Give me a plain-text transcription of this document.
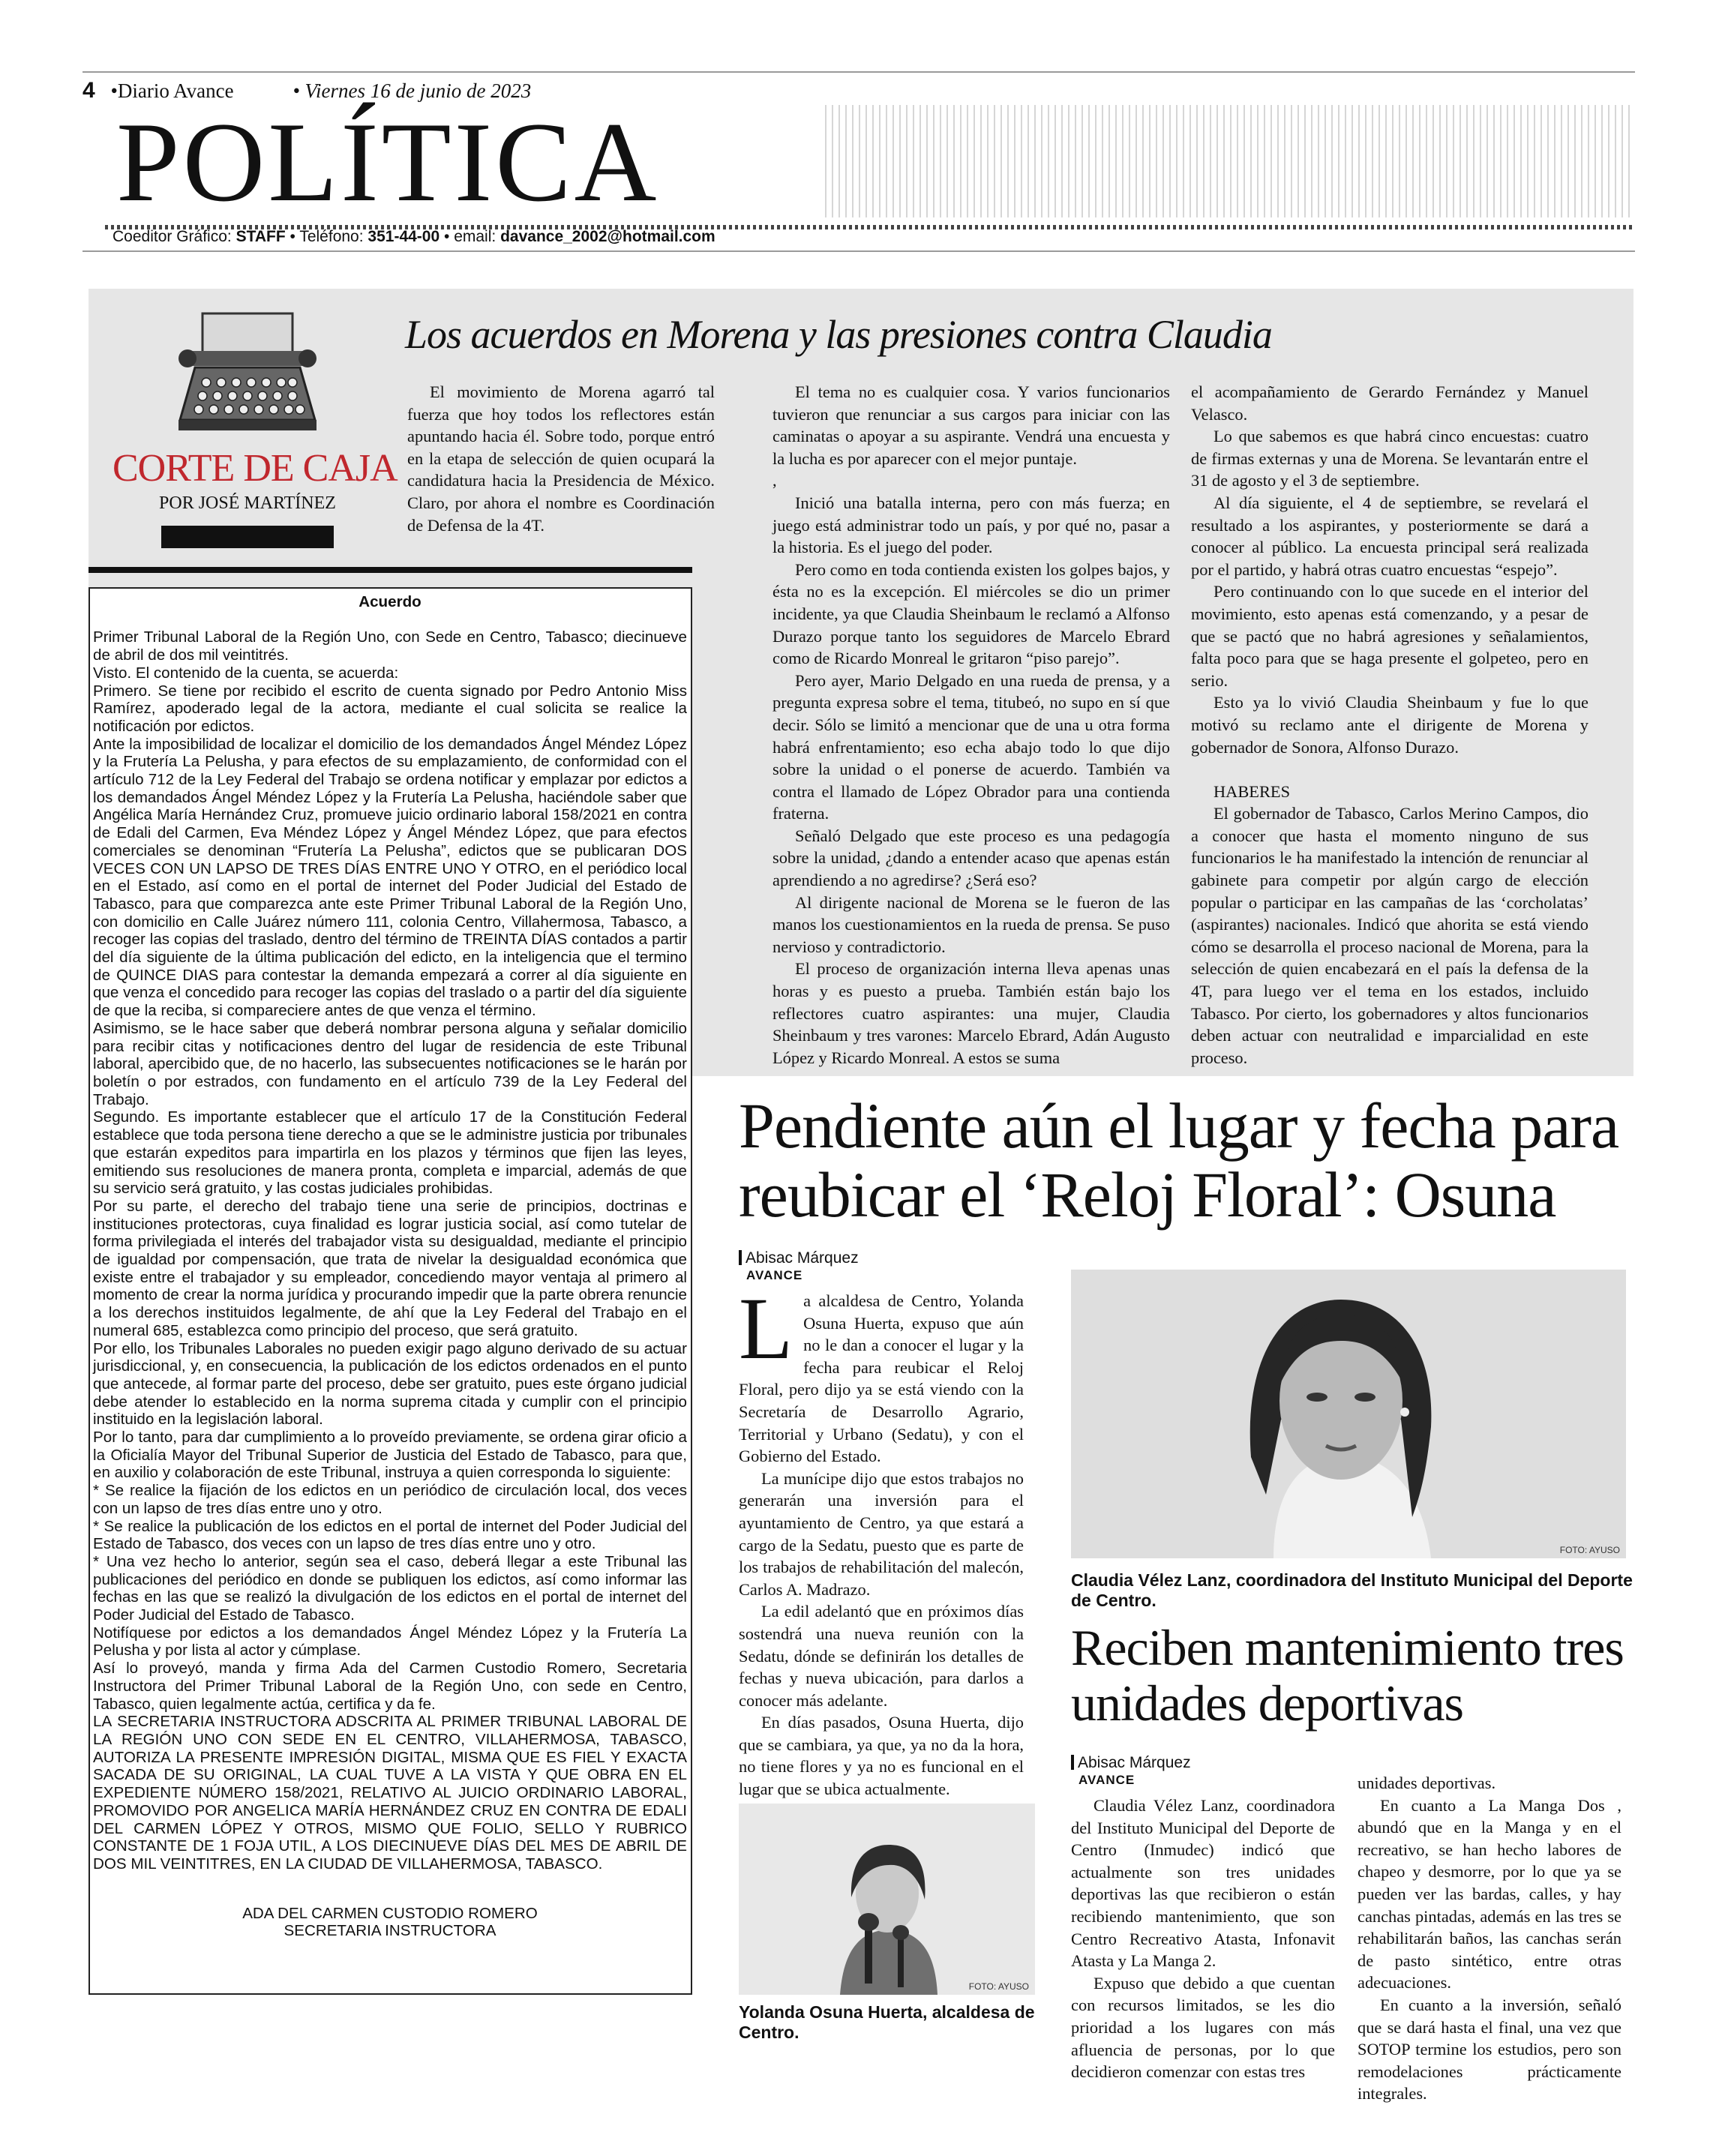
4 •Diario Avance	• Viernes 16 de junio de 2023
POLÍTICA
Coeditor Gráfico: STAFF • Teléfono: 351-44-00 • email: davance_2002@hotmail.com
CORTE DE CAJA
POR JOSÉ MARTÍNEZ
Los acuerdos en Morena y las presiones contra Claudia

El movimiento de Morena agarró tal fuerza que hoy todos los reflectores están apuntando hacia él. Sobre todo, porque entró en la etapa de selección de quien ocupará la candidatura hacia la Presidencia de México. Claro, por ahora el nombre es Coordinación de Defensa de la 4T.

El tema no es cualquier cosa. Y varios funcionarios tuvieron que renunciar a sus cargos para iniciar con las caminatas o apoyar a su aspirante. Vendrá una encuesta y la lucha es por aparecer con el mejor puntaje.

,

Inició una batalla interna, pero con más fuerza; en juego está administrar todo un país, y por qué no, pasar a la historia. Es el juego del poder.

Pero como en toda contienda existen los golpes bajos, y ésta no es la excepción. El miércoles se dio un primer incidente, ya que Claudia Sheinbaum le reclamó a Alfonso Durazo porque tanto los seguidores de Marcelo Ebrard como de Ricardo Monreal le gritaron “piso parejo”.

Pero ayer, Mario Delgado en una rueda de prensa, y a pregunta expresa sobre el tema, titubeó, no supo en sí que decir. Sólo se limitó a mencionar que de una u otra forma habrá enfrentamiento; eso echa abajo todo lo que dijo sobre la unidad o el ponerse de acuerdo. También va contra el llamado de López Obrador para una contienda fraterna.

Señaló Delgado que este proceso es una pedagogía sobre la unidad, ¿dando a entender acaso que apenas están aprendiendo a no agredirse? ¿Será eso?

Al dirigente nacional de Morena se le fueron de las manos los cuestionamientos en la rueda de prensa. Se puso nervioso y contradictorio.

El proceso de organización interna lleva apenas unas horas y es puesto a prueba. También están bajo los reflectores cuatro aspirantes: una mujer, Claudia Sheinbaum y tres varones: Marcelo Ebrard, Adán Augusto López y Ricardo Monreal. A estos se suma

el acompañamiento de Gerardo Fernández y Manuel Velasco.

Lo que sabemos es que habrá cinco encuestas: cuatro de firmas externas y una de Morena. Se levantarán entre el 31 de agosto y el 3 de septiembre.

Al día siguiente, el 4 de septiembre, se revelará el resultado a los aspirantes, y posteriormente se dará a conocer al público. La encuesta principal será realizada por el partido, y habrá otras cuatro encuestas “espejo”.

Pero continuando con lo que sucede en el interior del movimiento, esto apenas está comenzando, y a pesar de que se pactó que no habrá agresiones y señalamientos, falta poco para que se haga presente el golpeteo, pero en serio.

Esto ya lo vivió Claudia Sheinbaum y fue lo que motivó su reclamo ante el dirigente de Morena y gobernador de Sonora, Alfonso Durazo.

HABERES

El gobernador de Tabasco, Carlos Merino Campos, dio a conocer que hasta el momento ninguno de sus funcionarios le ha manifestado la intención de renunciar al gabinete para competir por algún cargo de elección popular o participar en las campañas de las ‘corcholatas’ (aspirantes) nacionales. Indicó que ahorita se está viendo cómo se desarrolla el proceso nacional de Morena, para la selección de quien encabezará en el país la defensa de la 4T, para luego ver el tema en los estados, incluido Tabasco. Por cierto, los gobernadores y altos funcionarios deben actuar con neutralidad e imparcialidad en este proceso.

Acuerdo

Primer Tribunal Laboral de la Región Uno, con Sede en Centro, Tabasco; diecinueve de abril de dos mil veintitrés.

Visto. El contenido de la cuenta, se acuerda:

Primero. Se tiene por recibido el escrito de cuenta signado por Pedro Antonio Miss Ramírez, apoderado legal de la actora, mediante el cual solicita se realice la notificación por edictos.

Ante la imposibilidad de localizar el domicilio de los demandados Ángel Méndez López y la Frutería La Pelusha, y para efectos de su emplazamiento, de conformidad con el artículo 712 de la Ley Federal del Trabajo se ordena notificar y emplazar por edictos a los demandados Ángel Méndez López y la Frutería La Pelusha, haciéndole saber que Angélica María Hernández Cruz, promueve juicio ordinario laboral 158/2021 en contra de Edali del Carmen, Eva Méndez López y Ángel Méndez López, que para efectos comerciales se denominan “Frutería La Pelusha”, edictos que se publicaran DOS VECES CON UN LAPSO DE TRES DÍAS ENTRE UNO Y OTRO, en el periódico local en el Estado, así como en el portal de internet del Poder Judicial del Estado de Tabasco, para que comparezca ante este Primer Tribunal Laboral de la Región Uno, con domicilio en Calle Juárez número 111, colonia Centro, Villahermosa, Tabasco, a recoger las copias del traslado, dentro del término de TREINTA DÍAS contados a partir del día siguiente de la última publicación del edicto, en la inteligencia que el termino de QUINCE DIAS para contestar la demanda empezará a correr al día siguiente en que venza el concedido para recoger las copias del traslado o a partir del día siguiente de que la reciba, si compareciere antes de que venza el término.

Asimismo, se le hace saber que deberá nombrar persona alguna y señalar domicilio para recibir citas y notificaciones dentro del lugar de residencia de este Tribunal laboral, apercibido que, de no hacerlo, las subsecuentes notificaciones se le harán por boletín o por estrados, con fundamento en el artículo 739 de la Ley Federal del Trabajo.

Segundo. Es importante establecer que el artículo 17 de la Constitución Federal establece que toda persona tiene derecho a que se le administre justicia por tribunales que estarán expeditos para impartirla en los plazos y términos que fijen las leyes, emitiendo sus resoluciones de manera pronta, completa e imparcial, además de que su servicio será gratuito, y las costas judiciales prohibidas.

Por su parte, el derecho del trabajo tiene una serie de principios, doctrinas e instituciones protectoras, cuya finalidad es lograr justicia social, así como tutelar de forma privilegiada el interés del trabajador vista su desigualdad, mediante el principio de igualdad por compensación, que trata de nivelar la desigualdad económica que existe entre el trabajador y su empleador, concediendo mayor ventaja al primero al momento de crear la norma jurídica y procurando impedir que la parte obrera renuncie a los derechos instituidos legalmente, de ahí que la Ley Federal del Trabajo en el numeral 685, establezca como principio del proceso, que será gratuito.

Por ello, los Tribunales Laborales no pueden exigir pago alguno derivado de su actuar jurisdiccional, y, en consecuencia, la publicación de los edictos ordenados en el punto que antecede, al formar parte del proceso, debe ser gratuito, pues este órgano judicial debe atender lo establecido en la norma suprema citada y cumplir con el principio instituido en la legislación laboral.

Por lo tanto, para dar cumplimiento a lo proveído previamente, se ordena girar oficio a la Oficialía Mayor del Tribunal Superior de Justicia del Estado de Tabasco, para que, en auxilio y colaboración de este Tribunal, instruya a quien corresponda lo siguiente:

* Se realice la fijación de los edictos en un periódico de circulación local, dos veces con un lapso de tres días entre uno y otro.

* Se realice la publicación de los edictos en el portal de internet del Poder Judicial del Estado de Tabasco, dos veces con un lapso de tres días entre uno y otro.

* Una vez hecho lo anterior, según sea el caso, deberá llegar a este Tribunal las publicaciones del periódico en donde se publiquen los edictos, así como informar las fechas en las que se realizó la divulgación de los edictos en el portal de internet del Poder Judicial del Estado de Tabasco.

Notifíquese por edictos a los demandados Ángel Méndez López y la Frutería La Pelusha y por lista al actor y cúmplase.

Así lo proveyó, manda y firma Ada del Carmen Custodio Romero, Secretaria Instructora del Primer Tribunal Laboral de la Región Uno, con sede en Centro, Tabasco, quien legalmente actúa, certifica y da fe.

LA SECRETARIA INSTRUCTORA ADSCRITA AL PRIMER TRIBUNAL LABORAL DE LA REGIÓN UNO CON SEDE EN EL CENTRO, VILLAHERMOSA, TABASCO, AUTORIZA LA PRESENTE IMPRESIÓN DIGITAL, MISMA QUE ES FIEL Y EXACTA SACADA DE SU ORIGINAL, LA CUAL TUVE A LA VISTA Y QUE OBRA EN EL EXPEDIENTE NÚMERO 158/2021, RELATIVO AL JUICIO ORDINARIO LABORAL, PROMOVIDO POR ANGELICA MARÍA HERNÁNDEZ CRUZ EN CONTRA DE EDALI DEL CARMEN LÓPEZ Y OTROS, MISMO QUE FOLIO, SELLO Y RUBRICO CONSTANTE DE 1 FOJA UTIL, A LOS DIECINUEVE DÍAS DEL MES DE ABRIL DE DOS MIL VEINTITRES, EN LA CIUDAD DE VILLAHERMOSA, TABASCO.

ADA DEL CARMEN CUSTODIO ROMERO

SECRETARIA INSTRUCTORA

Pendiente aún el lugar y fecha para reubicar el ‘Reloj Floral’: Osuna
Abisac Márquez
AVANCE

La alcaldesa de Centro, Yolanda Osuna Huerta, expuso que aún no le dan a conocer el lugar y la fecha para reubicar el Reloj Floral, pero dijo ya se está viendo con la Secretaría de Desarrollo Agrario, Territorial y Urbano (Sedatu), y con el Gobierno del Estado.

La munícipe dijo que estos trabajos no generarán una inversión para el ayuntamiento de Centro, ya que estará a cargo de la Sedatu, puesto que es parte de los trabajos de rehabilitación del malecón, Carlos A. Madrazo.

La edil adelantó que en próximos días sostendrá una nueva reunión con la Sedatu, dónde se definirán los detalles de fechas y nueva ubicación, para darlos a conocer más adelante.

En días pasados, Osuna Huerta, dijo que se cambiara, ya que, ya no da la hora, no tiene flores y ya no es funcional en el lugar que se ubica actualmente.

FOTO: AYUSO
Yolanda Osuna Huerta, alcaldesa de Centro.
FOTO: AYUSO
Claudia Vélez Lanz, coordinadora del Instituto Municipal del Deporte de Centro.
Reciben mantenimiento tres unidades deportivas
Abisac Márquez
AVANCE

Claudia Vélez Lanz, coordinadora del Instituto Municipal del Deporte de Centro (Inmudec) indicó que actualmente son tres unidades deportivas las que recibieron o están recibiendo mantenimiento, que son Centro Recreativo Atasta, Infonavit Atasta y La Manga 2.

Expuso que debido a que cuentan con recursos limitados, se les dio prioridad a los lugares con más afluencia de personas, por lo que decidieron comenzar con estas tres

unidades deportivas.

En cuanto a La Manga Dos , abundó que en la Manga y en el recreativo, se han hecho labores de chapeo y desmorre, por lo que ya se pueden ver las bardas, calles, y hay canchas pintadas, además en las tres se rehabilitarán baños, las canchas serán de pasto sintético, entre otras adecuaciones.

En cuanto a la inversión, señaló que se dará hasta el final, una vez que SOTOP termine los estudios, pero son remodelaciones prácticamente integrales.
